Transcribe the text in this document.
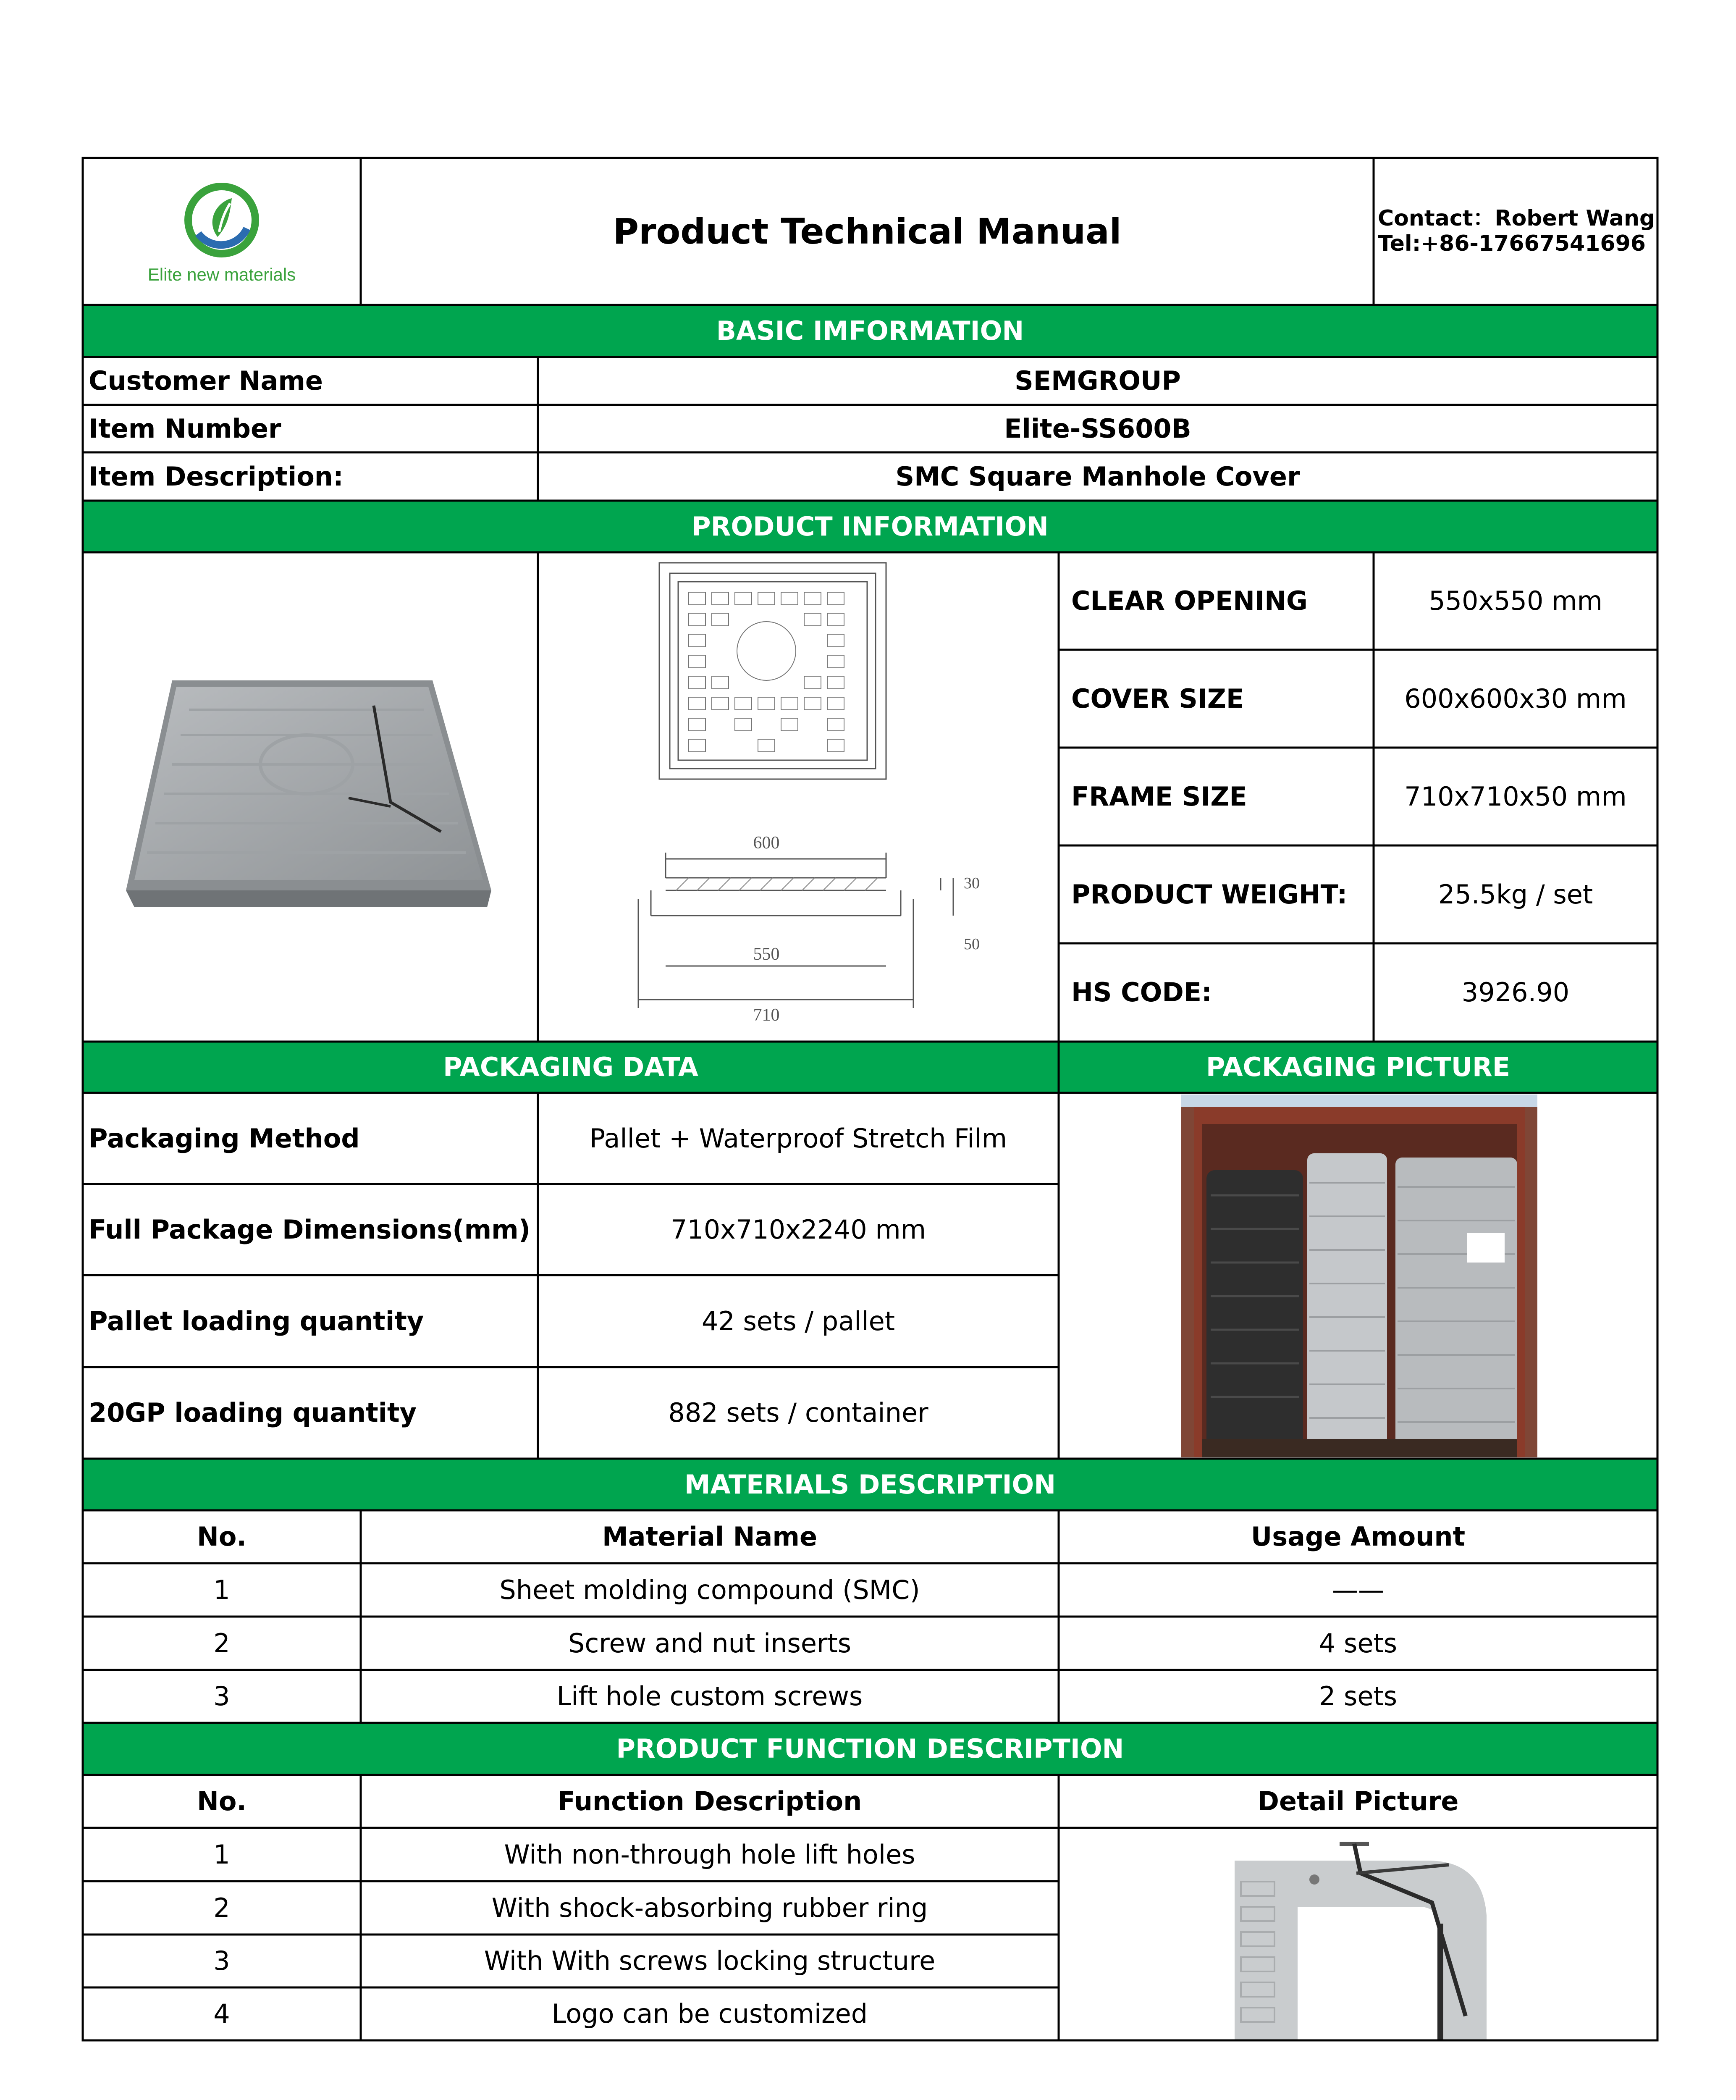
Elite new materials
Product Technical Manual	Contact：Robert Wang
Tel:+86-17667541696
BASIC IMFORMATION
Customer Name	SEMGROUP
Item Number	Elite-SS600B
Item Description:	SMC Square Manhole Cover
PRODUCT INFORMATION
600
30
50
550
710
CLEAR OPENING	550x550 mm
COVER SIZE	600x600x30 mm
FRAME SIZE	710x710x50 mm
PRODUCT WEIGHT:	25.5kg / set
HS CODE:	3926.90
PACKAGING DATA	PACKAGING PICTURE
Packaging Method	Pallet + Waterproof Stretch Film
Full Package Dimensions(mm)	710x710x2240 mm
Pallet loading quantity	42 sets / pallet
20GP loading quantity	882 sets / container
MATERIALS DESCRIPTION
No.	Material Name	Usage Amount
1	Sheet molding compound (SMC)	——
2	Screw and nut inserts	4 sets
3	Lift hole custom screws	2 sets
PRODUCT FUNCTION DESCRIPTION
No.	Function Description	Detail Picture
1	With non-through hole lift holes
2	With shock-absorbing rubber ring
3	With With screws locking structure
4	Logo can be customized
